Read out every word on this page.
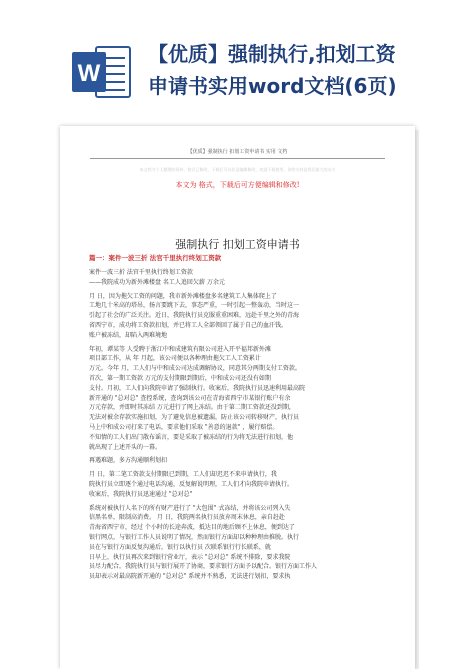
W
【优质】强制执行,扣划工资
申请书实用word文档(6页)
【优质】强制执行 扣划工资申请书 实用 文档
本文档为个人整理的资料，格式已修改，下载后可以任意编辑修改，欢迎下载使用，你的支持是我们最大的动力
本文为 格式，下载后可方便编辑和修改!
强制执行 扣划工资申请书
篇一：案件一波三折 法官千里执行终划工资款

案件一波三折 法官千里执行终划工资款

——我院成功为新外滩楼盘 名工人追回欠薪 万余元

月 日，因为拖欠工资的问题，我市新外滩楼盘多名建筑工人集体爬上了

工地几十米高的塔吊，扬言要跳下去，事态严重，一时引起一整轰动，当时这一

引起了社会的广泛关注。近日，我院执行员克服重重困难，远赴千里之外的青海

省西宁市，成功将工资款扣划，并已将工人全部领回了属于自己的血汗钱。

账户被冻结，却陷入两难境地

年初，谭某等 人受聘于浙江中和成建筑有限公司进入开平福邦新外滩

项目部工作，从 年 月起，该公司便以各种理由拖欠工人工资累计

万元。今年 月，工人们与中和成公司达成调解协议，同意其分两期支付工资款。

首次，第一期工资款 万元的支付期限到期后，中和成公司还没有如期

支付。月初，工人们向我院申请了强制执行。收案后，我院执行员迅速利用最高院

新开通的 "总对总" 查控系统，查询到该公司在青海省西宁市某银行账户有余

万元存款，并即时其冻结 万元进行了网上冻结。由于第二期工资款还没到期，

无法对被余存款实施扣划，为了避免信息被遗漏，防止该公司转移财产，执行员

马上中和成公司打来了电话，要求他们采取 "善意的退款" ，履行赔偿。

不知情的工人们出门散布谣言，要是采取了被冻结的行为将无法进行扣划，他

就出现了上述开头的一幕。

再遇难题，多方沟通顺利划扣

月 日，第二笔工资款支付期限已到期，工人们却迟迟不来申请执行，我

院执行员立即逐个通过电话沟通，反复解说明理，工人们才向我院申请执行。

收案后，我院执行员迅速通过 "总对总"

系统对被执行人名下的所有财产进行了 "大包围" 式冻结，并将该公司列入失

信黑名单，限制高消费。 月 日，我院两名执行员放弃周末休息，亲自赶赴

青海省西宁市，经过 个小时的长途奔波，抵达目的地后顾不上休息，便到达了

银行网点，与银行工作人员说明了情况，然而银行方面却以种种理由推脱。执行

员在与银行方面反复沟通后，银行以执行员 次联系银行行长联系，就

日早上，执行员再次来到银行营业厅，表示 "总对总" 系统不排除，要求我院

员尽力配合，我院执行员与银行展开了协商，要求银行方面予以配合。银行方面工作人

员却表示对最高院新开通的 "总对总" 系统并不熟悉，无法进行划扣，要求执
